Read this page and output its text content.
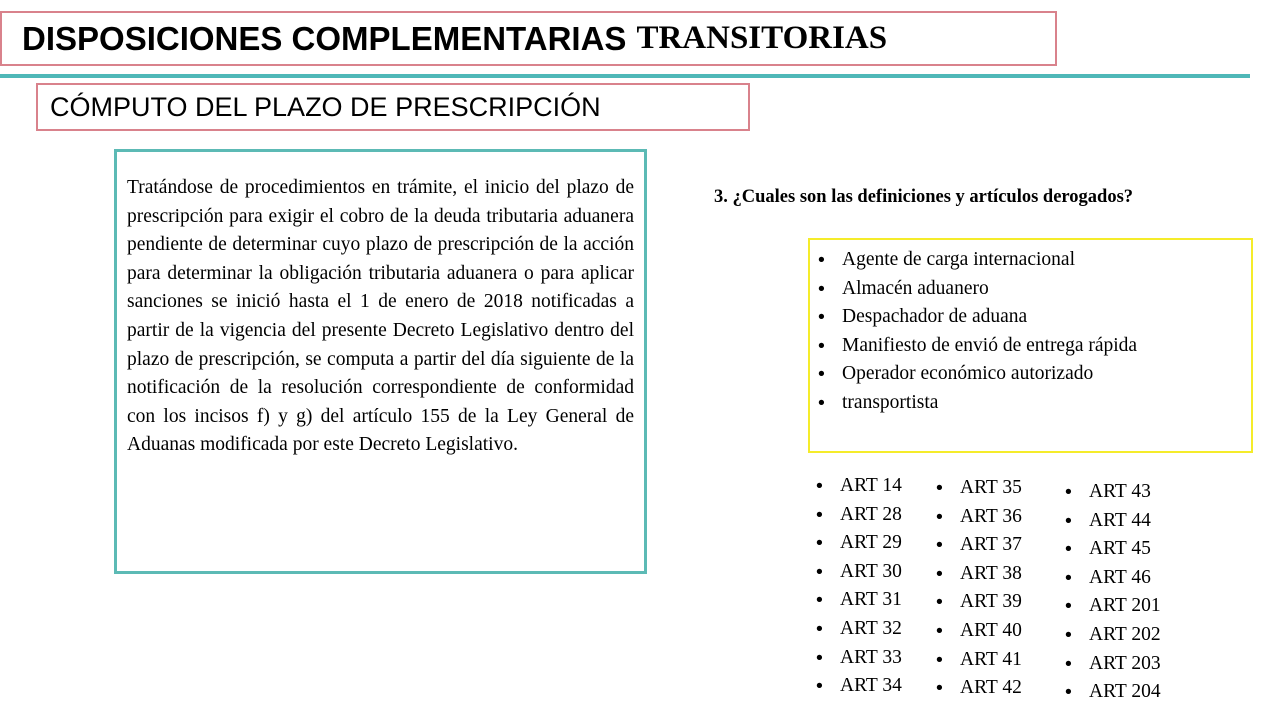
DISPOSICIONES COMPLEMENTARIAS TRANSITORIAS
CÓMPUTO DEL PLAZO DE PRESCRIPCIÓN
Tratándose de procedimientos en trámite, el inicio del plazo de prescripción para exigir el cobro de la deuda tributaria aduanera pendiente de determinar cuyo plazo de prescripción de la acción para determinar la obligación tributaria aduanera o para aplicar sanciones se inició hasta el 1 de enero de 2018 notificadas a partir de la vigencia del presente Decreto Legislativo dentro del plazo de prescripción, se computa a partir del día siguiente de la notificación de la resolución correspondiente de conformidad con los incisos f) y g) del artículo 155 de la Ley General de Aduanas modificada por este Decreto Legislativo.
3. ¿Cuales son las definiciones y artículos derogados?
• Agente de carga internacional
• Almacén aduanero
• Despachador de aduana
• Manifiesto de envió de entrega rápida
• Operador económico autorizado
• transportista
• ART 14
• ART 28
• ART 29
• ART 30
• ART 31
• ART 32
• ART 33
• ART 34
• ART 35
• ART 36
• ART 37
• ART 38
• ART 39
• ART 40
• ART 41
• ART 42
• ART 43
• ART 44
• ART 45
• ART 46
• ART 201
• ART 202
• ART 203
• ART 204
